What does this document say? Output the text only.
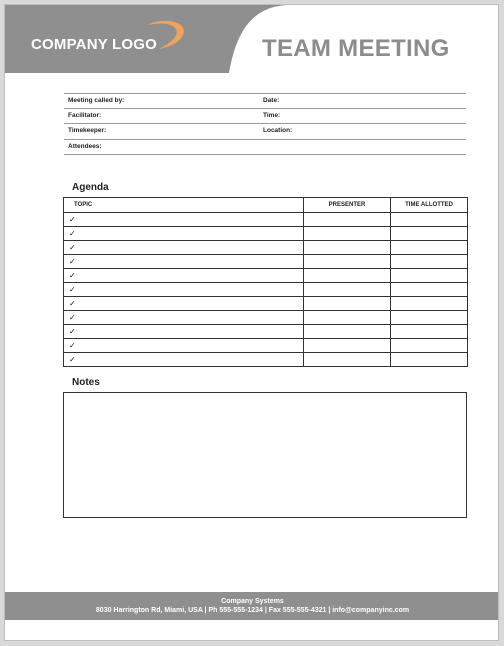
COMPANY LOGO	TEAM MEETING
Meeting called by:	Date:
Facilitator:	Time:
Timekeeper:	Location:
Attendees:
Agenda
TOPIC	PRESENTER	TIME ALLOTTED
✓		
✓		
✓		
✓		
✓		
✓		
✓		
✓		
✓		
✓		
✓		
Notes
Company Systems
8030 Harrington Rd, Miami, USA | Ph 555-555-1234 | Fax 555-555-4321 | info@companyinc.com
